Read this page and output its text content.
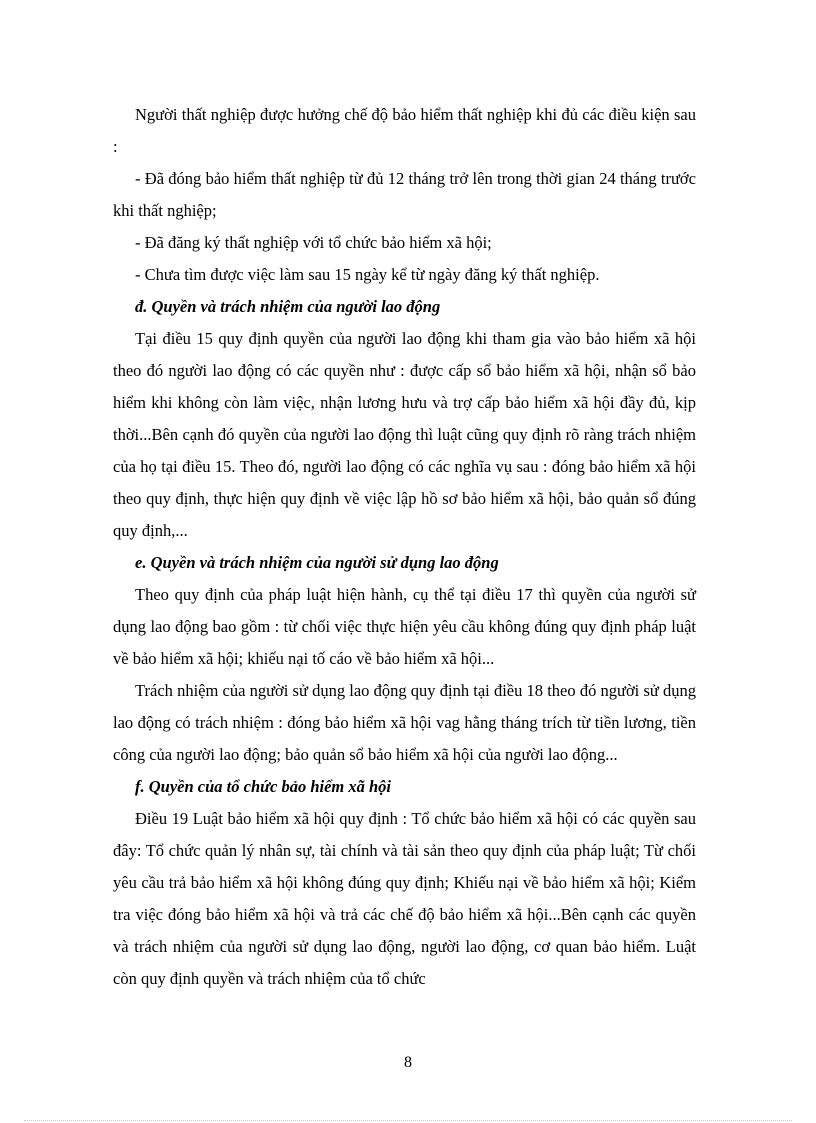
Người thất nghiệp được hưởng chế độ bảo hiểm thất nghiệp khi đủ các điều kiện sau :

- Đã đóng bảo hiểm thất nghiệp từ đủ 12 tháng trở lên trong thời gian 24 tháng trước khi thất nghiệp;

- Đã đăng ký thất nghiệp với tổ chức bảo hiểm xã hội;

- Chưa tìm được việc làm sau 15 ngày kể từ ngày đăng ký thất nghiệp.

đ. Quyền và trách nhiệm của người lao động

Tại điều 15 quy định quyền của người lao động khi tham gia vào bảo hiểm xã hội theo đó người lao động có các quyền như : được cấp sổ bảo hiểm xã hội, nhận sổ bảo hiểm khi không còn làm việc, nhận lương hưu và trợ cấp bảo hiểm xã hội đầy đủ, kịp thời...Bên cạnh đó quyền của người lao động thì luật cũng quy định rõ ràng trách nhiệm của họ tại điều 15. Theo đó, người lao động có các nghĩa vụ sau : đóng bảo hiểm xã hội theo quy định, thực hiện quy định về việc lập hồ sơ bảo hiểm xã hội, bảo quản sổ đúng quy định,...

e. Quyền và trách nhiệm của người sử dụng lao động

Theo quy định của pháp luật hiện hành, cụ thể tại điều 17 thì quyền của người sử dụng lao động bao gồm : từ chối việc thực hiện yêu cầu không đúng quy định pháp luật về bảo hiểm xã hội; khiếu nại tố cáo về bảo hiểm xã hội...

Trách nhiệm của người sử dụng lao động quy định tại điều 18 theo đó người sử dụng lao động có trách nhiệm : đóng bảo hiểm xã hội vag hằng tháng trích từ tiền lương, tiền công của người lao động; bảo quản sổ bảo hiểm xã hội của người lao động...

f. Quyền của tổ chức bảo hiểm xã hội

Điều 19 Luật bảo hiểm xã hội quy định : Tổ chức bảo hiểm xã hội có các quyền sau đây: Tổ chức quản lý nhân sự, tài chính và tài sản theo quy định của pháp luật; Từ chối yêu cầu trả bảo hiểm xã hội không đúng quy định; Khiếu nại về bảo hiểm xã hội; Kiểm tra việc đóng bảo hiểm xã hội và trả các chế độ bảo hiểm xã hội...Bên cạnh các quyền và trách nhiệm của người sử dụng lao động, người lao động, cơ quan bảo hiểm. Luật còn quy định quyền và trách nhiệm của tổ chức

8
